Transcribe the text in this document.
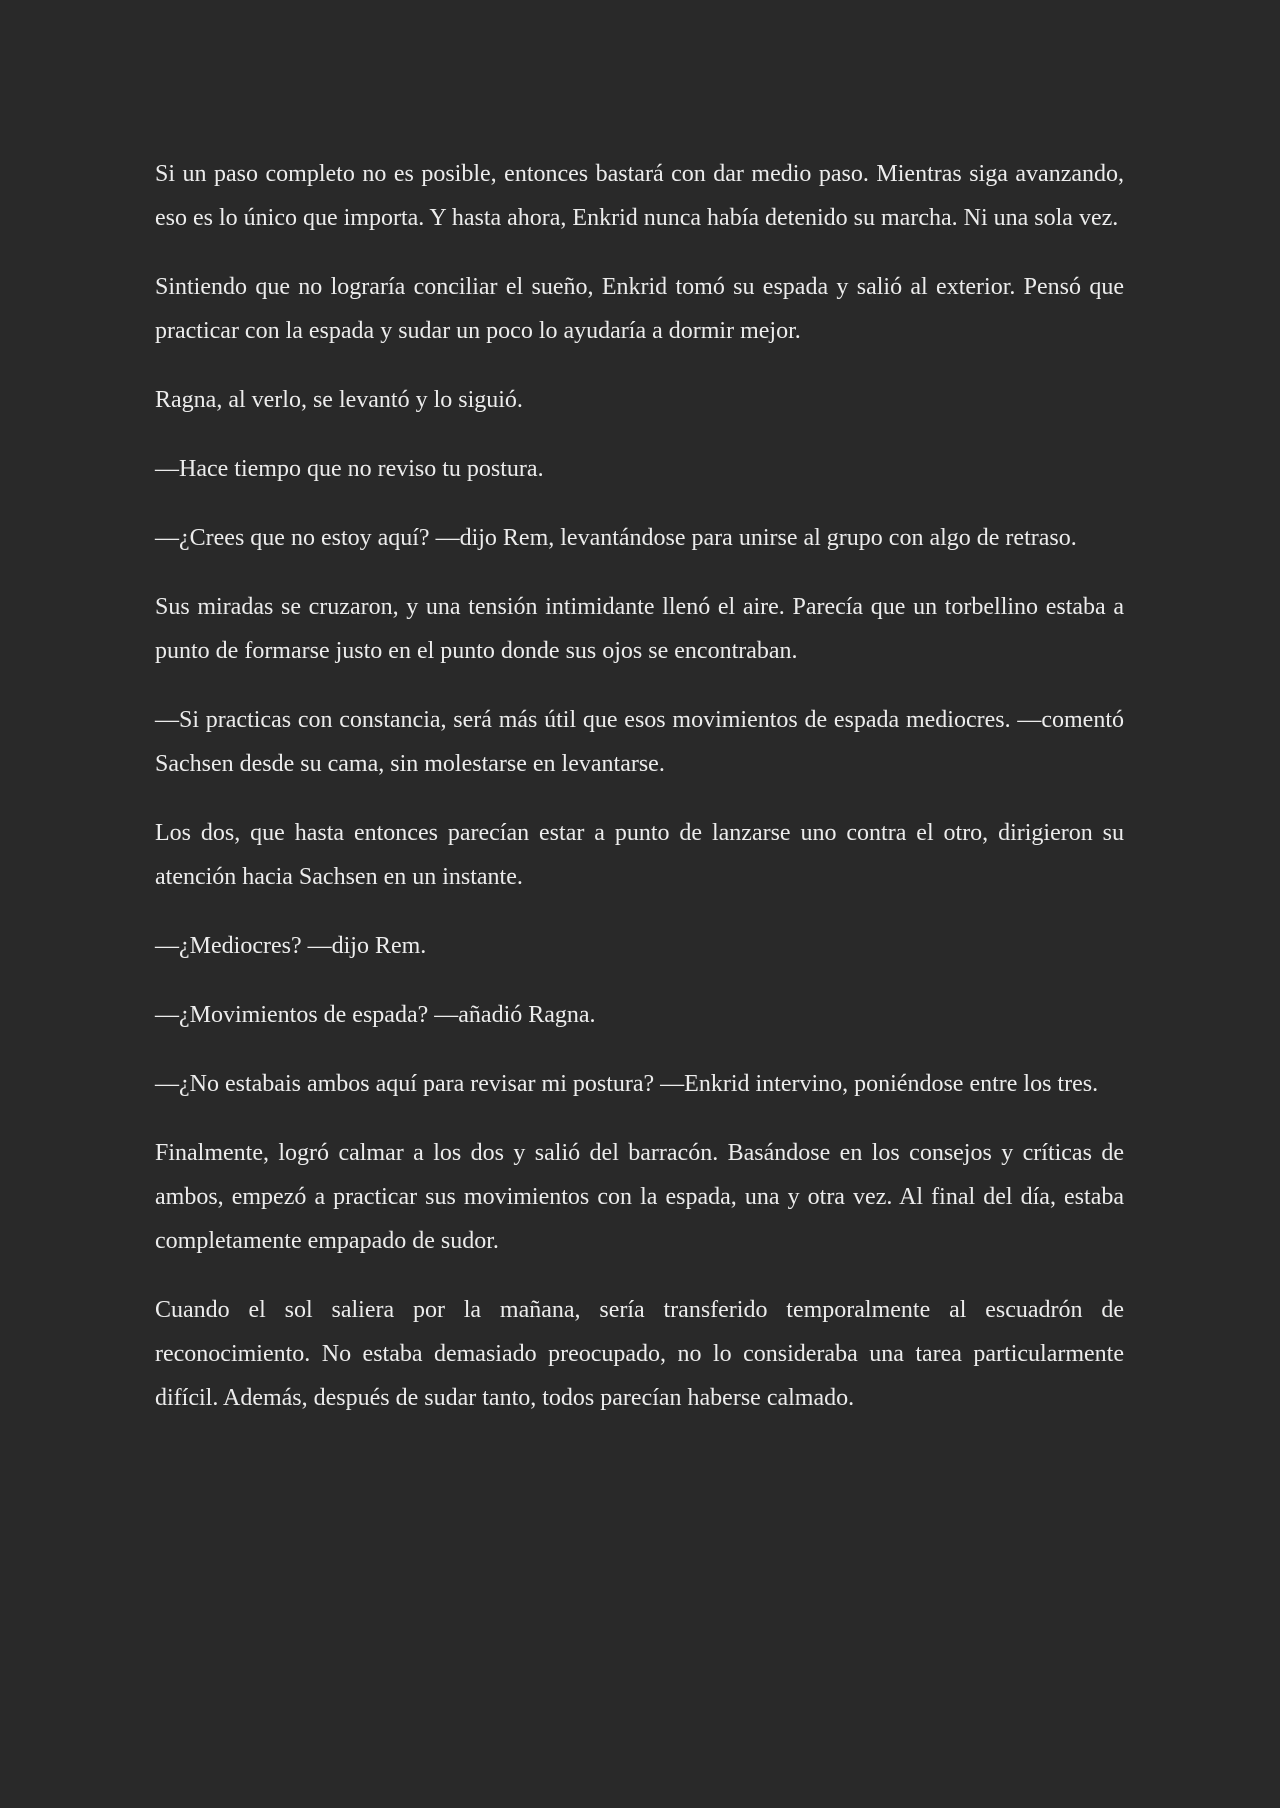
Si un paso completo no es posible, entonces bastará con dar medio paso. Mientras siga avanzando, eso es lo único que importa. Y hasta ahora, Enkrid nunca había detenido su marcha. Ni una sola vez.

Sintiendo que no lograría conciliar el sueño, Enkrid tomó su espada y salió al exterior. Pensó que practicar con la espada y sudar un poco lo ayudaría a dormir mejor.

Ragna, al verlo, se levantó y lo siguió.

—Hace tiempo que no reviso tu postura.

—¿Crees que no estoy aquí? —dijo Rem, levantándose para unirse al grupo con algo de retraso.

Sus miradas se cruzaron, y una tensión intimidante llenó el aire. Parecía que un torbellino estaba a punto de formarse justo en el punto donde sus ojos se encontraban.

—Si practicas con constancia, será más útil que esos movimientos de espada mediocres. —comentó Sachsen desde su cama, sin molestarse en levantarse.

Los dos, que hasta entonces parecían estar a punto de lanzarse uno contra el otro, dirigieron su atención hacia Sachsen en un instante.

—¿Mediocres? —dijo Rem.

—¿Movimientos de espada? —añadió Ragna.

—¿No estabais ambos aquí para revisar mi postura? —Enkrid intervino, poniéndose entre los tres.

Finalmente, logró calmar a los dos y salió del barracón. Basándose en los consejos y críticas de ambos, empezó a practicar sus movimientos con la espada, una y otra vez. Al final del día, estaba completamente empapado de sudor.

Cuando el sol saliera por la mañana, sería transferido temporalmente al escuadrón de reconocimiento. No estaba demasiado preocupado, no lo consideraba una tarea particularmente difícil. Además, después de sudar tanto, todos parecían haberse calmado.
